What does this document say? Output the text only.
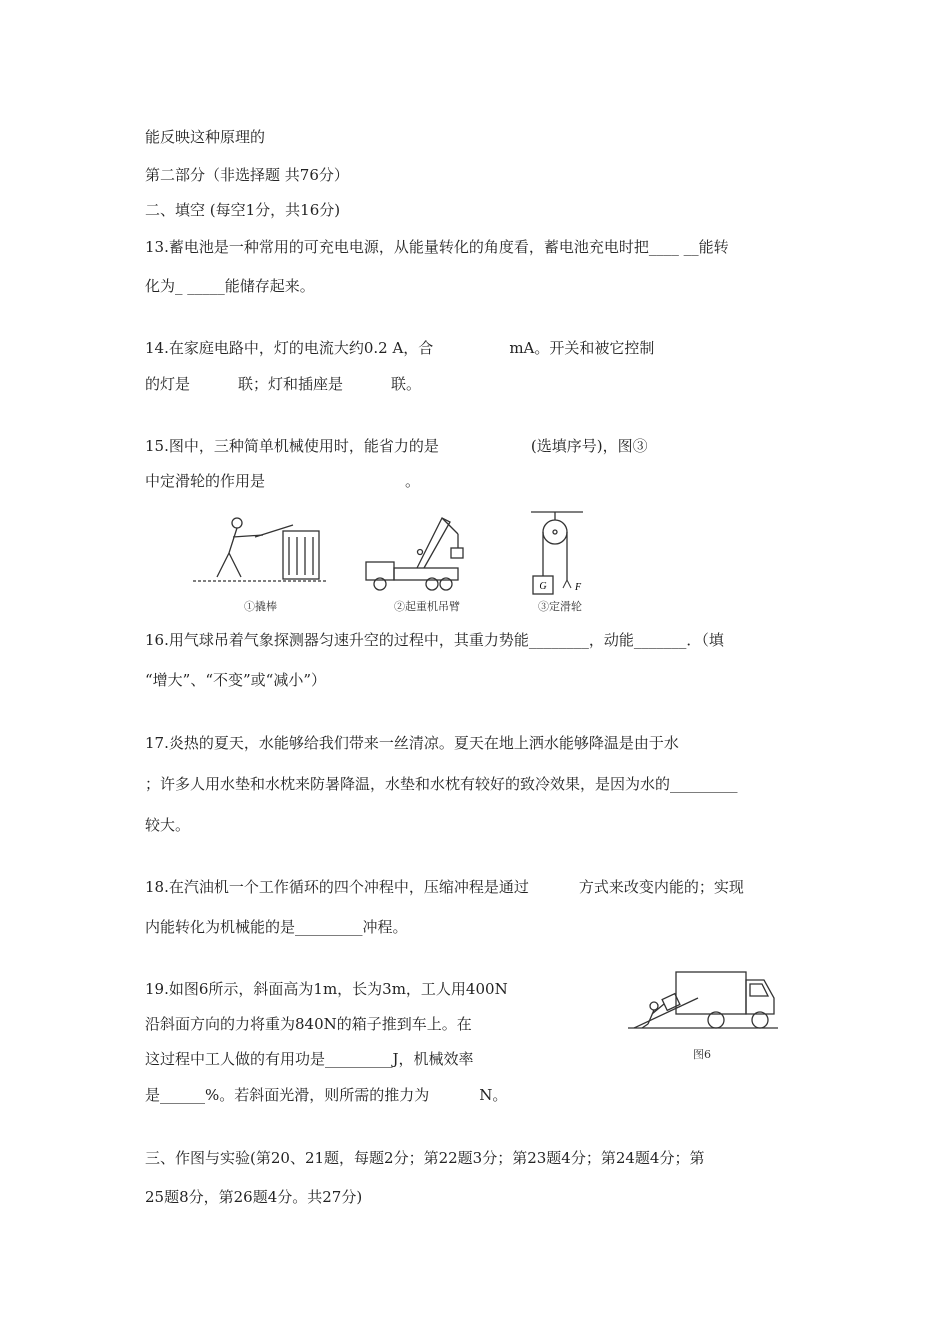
能反映这种原理的
第二部分（非选择题 共76分）
二、填空 (每空1分，共16分)
13.蓄电池是一种常用的可充电电源，从能量转化的角度看，蓄电池充电时把____ __能转
化为_ _____能储存起来。
14.在家庭电路中，灯的电流大约0.2 A，合	mA。开关和被它控制
的灯是	联；灯和插座是	联。
15.图中，三种简单机械使用时，能省力的是	(选填序号)，图③
中定滑轮的作用是	。
①撬棒	②起重机吊臂
G	F
③定滑轮
16.用气球吊着气象探测器匀速升空的过程中，其重力势能________，动能_______．（填
“增大”、“不变”或“减小”）
17.炎热的夏天，水能够给我们带来一丝清凉。夏天在地上洒水能够降温是由于水
；许多人用水垫和水枕来防暑降温，水垫和水枕有较好的致冷效果，是因为水的_________
较大。
18.在汽油机一个工作循环的四个冲程中，压缩冲程是通过	方式来改变内能的；实现
内能转化为机械能的是_________冲程。
19.如图6所示，斜面高为1m，长为3m，工人用400N
沿斜面方向的力将重为840N的箱子推到车上。在
这过程中工人做的有用功是_________J，机械效率
是______%。若斜面光滑，则所需的推力为	N。
图6
三、作图与实验(第20、21题，每题2分；第22题3分；第23题4分；第24题4分；第
25题8分，第26题4分。共27分)
